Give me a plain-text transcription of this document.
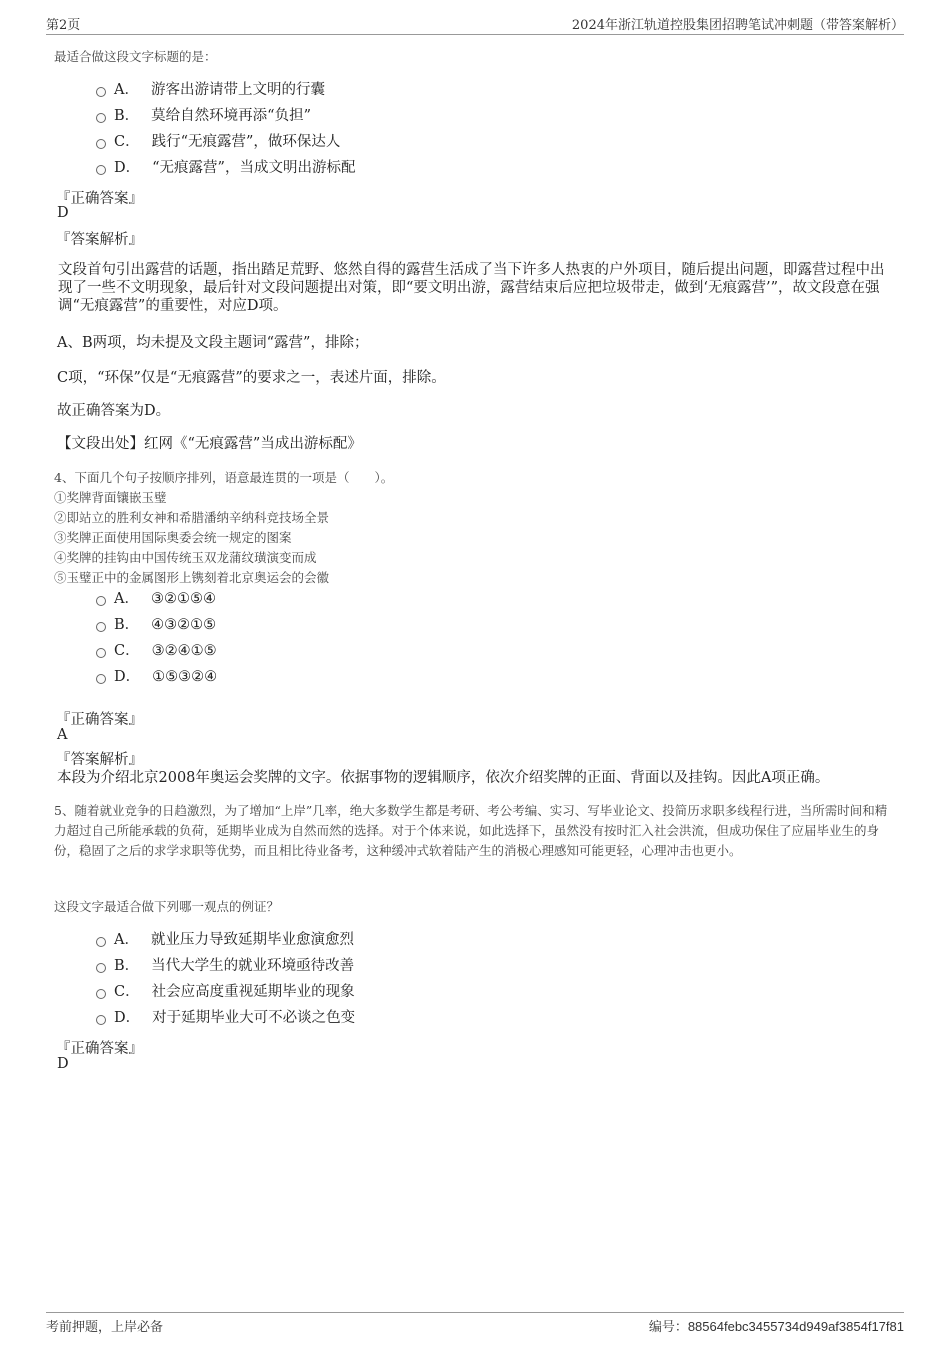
第2页	2024年浙江轨道控股集团招聘笔试冲刺题（带答案解析）
最适合做这段文字标题的是：
A． 游客出游请带上文明的行囊
B． 莫给自然环境再添“负担”
C． 践行“无痕露营”，做环保达人
D． “无痕露营”，当成文明出游标配
『正确答案』
D
『答案解析』
文段首句引出露营的话题，指出踏足荒野、悠然自得的露营生活成了当下许多人热衷的户外项目，随后提出问题，即露营过程中出现了一些不文明现象，最后针对文段问题提出对策，即“要文明出游，露营结束后应把垃圾带走，做到‘无痕露营’”，故文段意在强调“无痕露营”的重要性，对应D项。
A、B两项，均未提及文段主题词“露营”，排除；
C项，“环保”仅是“无痕露营”的要求之一，表述片面，排除。
故正确答案为D。
【文段出处】红网《“无痕露营”当成出游标配》
4、下面几个句子按顺序排列，语意最连贯的一项是（　　）。
①奖牌背面镶嵌玉璧
②即站立的胜利女神和希腊潘纳辛纳科竞技场全景
③奖牌正面使用国际奥委会统一规定的图案
④奖牌的挂钩由中国传统玉双龙蒲纹璜演变而成
⑤玉璧正中的金属图形上镌刻着北京奥运会的会徽
A． ③②①⑤④
B． ④③②①⑤
C． ③②④①⑤
D． ①⑤③②④
『正确答案』
A
『答案解析』
本段为介绍北京2008年奥运会奖牌的文字。依据事物的逻辑顺序，依次介绍奖牌的正面、背面以及挂钩。因此A项正确。
5、随着就业竞争的日趋激烈，为了增加“上岸”几率，绝大多数学生都是考研、考公考编、实习、写毕业论文、投简历求职多线程行进，当所需时间和精力超过自己所能承载的负荷，延期毕业成为自然而然的选择。对于个体来说，如此选择下，虽然没有按时汇入社会洪流，但成功保住了应届毕业生的身份，稳固了之后的求学求职等优势，而且相比待业备考，这种缓冲式软着陆产生的消极心理感知可能更轻，心理冲击也更小。
这段文字最适合做下列哪一观点的例证？
A． 就业压力导致延期毕业愈演愈烈
B． 当代大学生的就业环境亟待改善
C． 社会应高度重视延期毕业的现象
D． 对于延期毕业大可不必谈之色变
『正确答案』
D
考前押题，上岸必备	编号：88564febc3455734d949af3854f17f81
